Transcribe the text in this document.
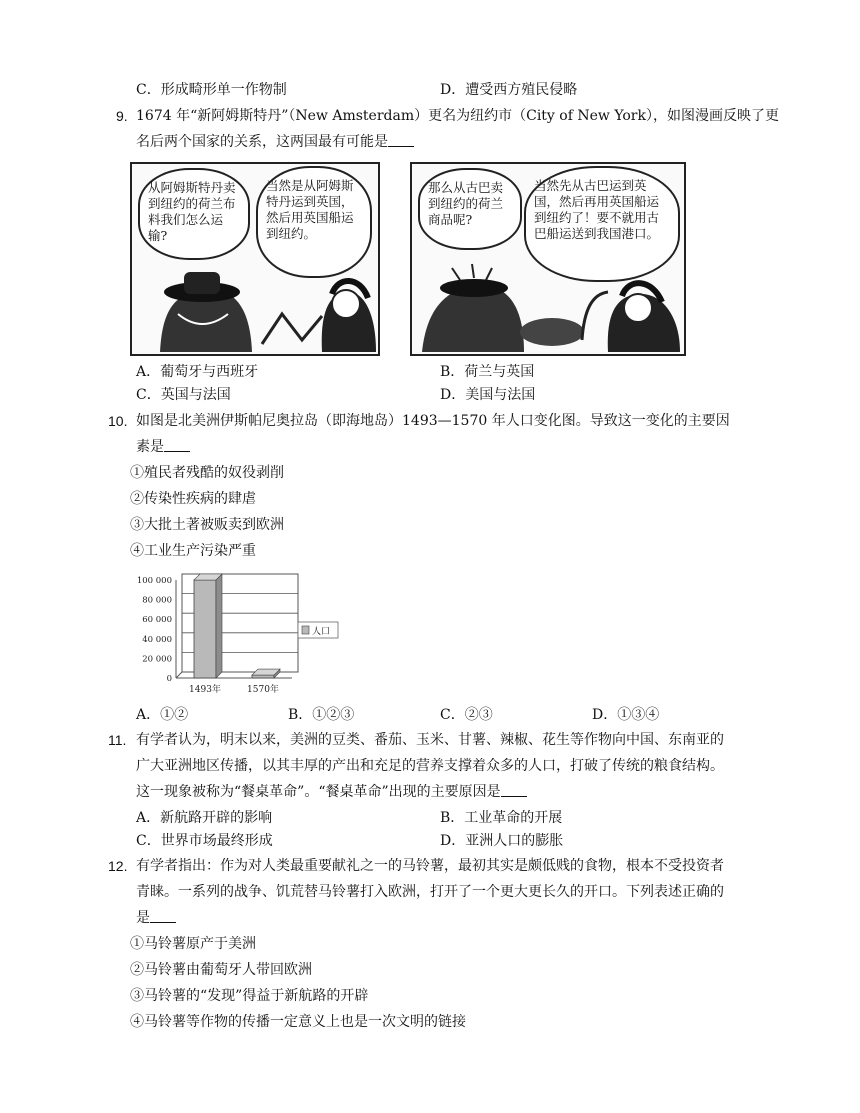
C．形成畸形单一作物制	D．遭受西方殖民侵略
9. 1674 年“新阿姆斯特丹”（New Amsterdam）更名为纽约市（City of New York），如图漫画反映了更
名后两个国家的关系，这两国最有可能是
从阿姆斯特丹卖到纽约的荷兰布料我们怎么运输?
当然是从阿姆斯特丹运到英国，然后用英国船运到纽约。
那么从古巴卖到纽约的荷兰商品呢?
当然先从古巴运到英国，然后再用英国船运到纽约了！要不就用古巴船运送到我国港口。
A．葡萄牙与西班牙	B．荷兰与英国
C．英国与法国	D．美国与法国
10. 如图是北美洲伊斯帕尼奥拉岛（即海地岛）1493—1570 年人口变化图。导致这一变化的主要因
素是
①殖民者残酷的奴役剥削
②传染性疾病的肆虐
③大批土著被贩卖到欧洲
④工业生产污染严重
100 000
80 000
60 000
40 000
20 000
0
1493年	1570年
人口
A．①②	B．①②③	C．②③	D．①③④
11. 有学者认为，明末以来，美洲的豆类、番茄、玉米、甘薯、辣椒、花生等作物向中国、东南亚的
广大亚洲地区传播，以其丰厚的产出和充足的营养支撑着众多的人口，打破了传统的粮食结构。
这一现象被称为“餐桌革命”。“餐桌革命”出现的主要原因是
A．新航路开辟的影响	B．工业革命的开展
C．世界市场最终形成	D．亚洲人口的膨胀
12. 有学者指出：作为对人类最重要献礼之一的马铃薯，最初其实是颇低贱的食物，根本不受投资者
青睐。一系列的战争、饥荒替马铃薯打入欧洲，打开了一个更大更长久的开口。下列表述正确的
是
①马铃薯原产于美洲
②马铃薯由葡萄牙人带回欧洲
③马铃薯的“发现”得益于新航路的开辟
④马铃薯等作物的传播一定意义上也是一次文明的链接
